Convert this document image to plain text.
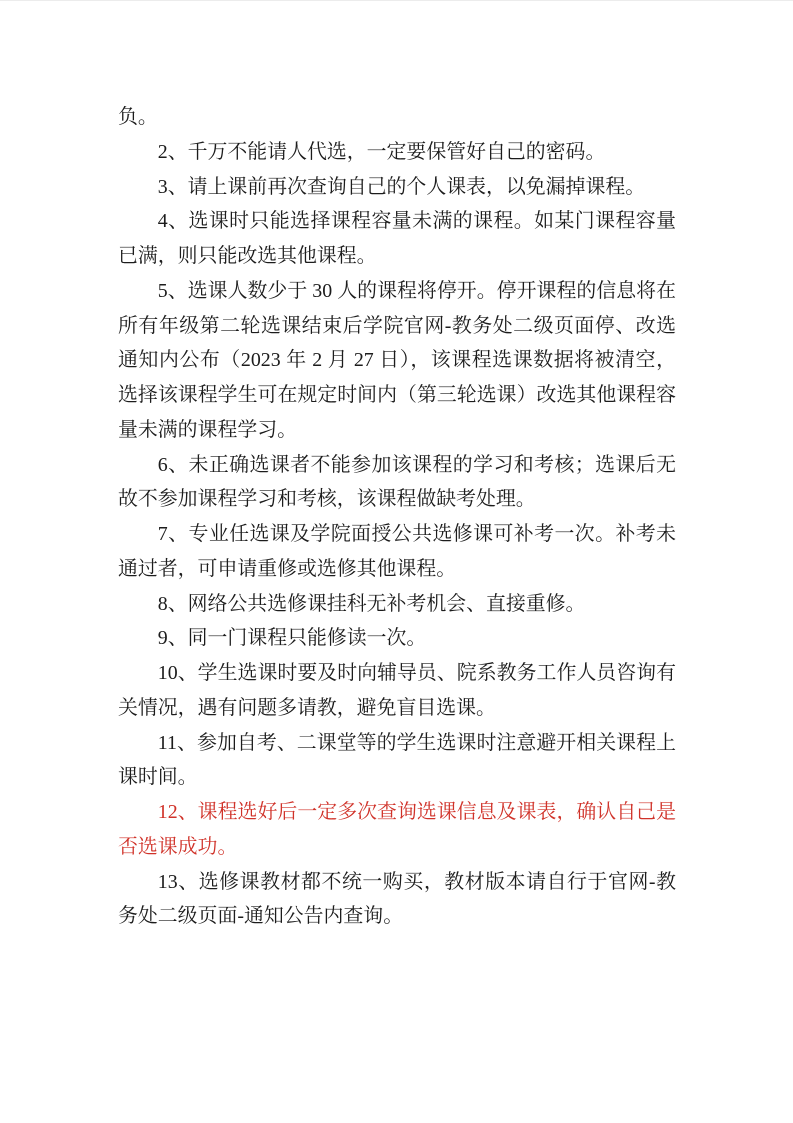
负。
2、千万不能请人代选，一定要保管好自己的密码。
3、请上课前再次查询自己的个人课表，以免漏掉课程。
4、选课时只能选择课程容量未满的课程。如某门课程容量
已满，则只能改选其他课程。
5、选课人数少于 30 人的课程将停开。停开课程的信息将在
所有年级第二轮选课结束后学院官网-教务处二级页面停、改选
通知内公布（2023 年 2 月 27 日），该课程选课数据将被清空，
选择该课程学生可在规定时间内（第三轮选课）改选其他课程容
量未满的课程学习。
6、未正确选课者不能参加该课程的学习和考核；选课后无
故不参加课程学习和考核，该课程做缺考处理。
7、专业任选课及学院面授公共选修课可补考一次。补考未
通过者，可申请重修或选修其他课程。
8、网络公共选修课挂科无补考机会、直接重修。
9、同一门课程只能修读一次。
10、学生选课时要及时向辅导员、院系教务工作人员咨询有
关情况，遇有问题多请教，避免盲目选课。
11、参加自考、二课堂等的学生选课时注意避开相关课程上
课时间。
12、课程选好后一定多次查询选课信息及课表，确认自己是
否选课成功。
13、选修课教材都不统一购买，教材版本请自行于官网-教
务处二级页面-通知公告内查询。
